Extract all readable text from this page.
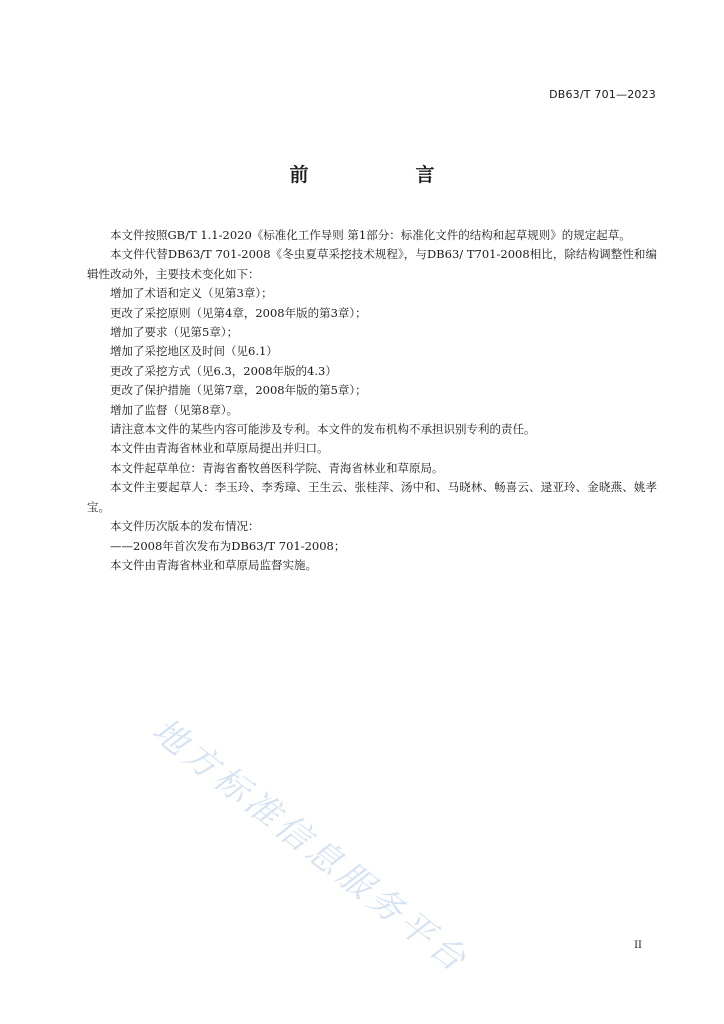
DB63/T 701—2023
前　言

本文件按照GB/T 1.1-2020《标准化工作导则 第1部分：标准化文件的结构和起草规则》的规定起草。

本文件代替DB63/T 701-2008《冬虫夏草采挖技术规程》，与DB63/ T701-2008相比，除结构调整性和编辑性改动外，主要技术变化如下：

增加了术语和定义（见第3章）；

更改了采挖原则（见第4章，2008年版的第3章）；

增加了要求（见第5章）；

增加了采挖地区及时间（见6.1）

更改了采挖方式（见6.3，2008年版的4.3）

更改了保护措施（见第7章，2008年版的第5章）；

增加了监督（见第8章）。

请注意本文件的某些内容可能涉及专利。本文件的发布机构不承担识别专利的责任。

本文件由青海省林业和草原局提出并归口。

本文件起草单位：青海省畜牧兽医科学院、青海省林业和草原局。

本文件主要起草人：李玉玲、李秀璋、王生云、张桂萍、汤中和、马晓林、畅喜云、逯亚玲、金晓燕、姚孝宝。

本文件历次版本的发布情况：

——2008年首次发布为DB63/T 701-2008；

本文件由青海省林业和草原局监督实施。

地方标准信息服务平台	II
